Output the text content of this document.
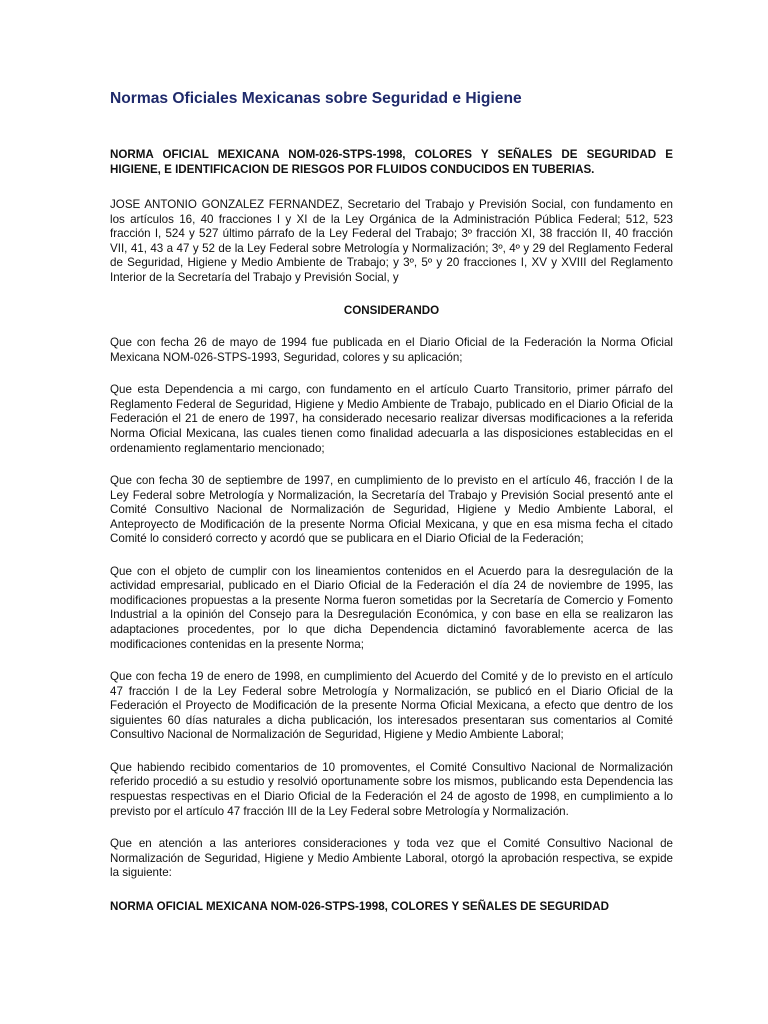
Normas Oficiales Mexicanas sobre Seguridad e Higiene

NORMA OFICIAL MEXICANA NOM-026-STPS-1998, COLORES Y SEÑALES DE SEGURIDAD E HIGIENE, E IDENTIFICACION DE RIESGOS POR FLUIDOS CONDUCIDOS EN TUBERIAS.

JOSE ANTONIO GONZALEZ FERNANDEZ, Secretario del Trabajo y Previsión Social, con fundamento en los artículos 16, 40 fracciones I y XI de la Ley Orgánica de la Administración Pública Federal; 512, 523 fracción I, 524 y 527 último párrafo de la Ley Federal del Trabajo; 3º fracción XI, 38 fracción II, 40 fracción VII, 41, 43 a 47 y 52 de la Ley Federal sobre Metrología y Normalización; 3º, 4º y 29 del Reglamento Federal de Seguridad, Higiene y Medio Ambiente de Trabajo; y 3º, 5º y 20 fracciones I, XV y XVIII del Reglamento Interior de la Secretaría del Trabajo y Previsión Social, y

CONSIDERANDO

Que con fecha 26 de mayo de 1994 fue publicada en el Diario Oficial de la Federación la Norma Oficial Mexicana NOM-026-STPS-1993, Seguridad, colores y su aplicación;

Que esta Dependencia a mi cargo, con fundamento en el artículo Cuarto Transitorio, primer párrafo del Reglamento Federal de Seguridad, Higiene y Medio Ambiente de Trabajo, publicado en el Diario Oficial de la Federación el 21 de enero de 1997, ha considerado necesario realizar diversas modificaciones a la referida Norma Oficial Mexicana, las cuales tienen como finalidad adecuarla a las disposiciones establecidas en el ordenamiento reglamentario mencionado;

Que con fecha 30 de septiembre de 1997, en cumplimiento de lo previsto en el artículo 46, fracción I de la Ley Federal sobre Metrología y Normalización, la Secretaría del Trabajo y Previsión Social presentó ante el Comité Consultivo Nacional de Normalización de Seguridad, Higiene y Medio Ambiente Laboral, el Anteproyecto de Modificación de la presente Norma Oficial Mexicana, y que en esa misma fecha el citado Comité lo consideró correcto y acordó que se publicara en el Diario Oficial de la Federación;

Que con el objeto de cumplir con los lineamientos contenidos en el Acuerdo para la desregulación de la actividad empresarial, publicado en el Diario Oficial de la Federación el día 24 de noviembre de 1995, las modificaciones propuestas a la presente Norma fueron sometidas por la Secretaría de Comercio y Fomento Industrial a la opinión del Consejo para la Desregulación Económica, y con base en ella se realizaron las adaptaciones procedentes, por lo que dicha Dependencia dictaminó favorablemente acerca de las modificaciones contenidas en la presente Norma;

Que con fecha 19 de enero de 1998, en cumplimiento del Acuerdo del Comité y de lo previsto en el artículo 47 fracción I de la Ley Federal sobre Metrología y Normalización, se publicó en el Diario Oficial de la Federación el Proyecto de Modificación de la presente Norma Oficial Mexicana, a efecto que dentro de los siguientes 60 días naturales a dicha publicación, los interesados presentaran sus comentarios al Comité Consultivo Nacional de Normalización de Seguridad, Higiene y Medio Ambiente Laboral;

Que habiendo recibido comentarios de 10 promoventes, el Comité Consultivo Nacional de Normalización referido procedió a su estudio y resolvió oportunamente sobre los mismos, publicando esta Dependencia las respuestas respectivas en el Diario Oficial de la Federación el 24 de agosto de 1998, en cumplimiento a lo previsto por el artículo 47 fracción III de la Ley Federal sobre Metrología y Normalización.

Que en atención a las anteriores consideraciones y toda vez que el Comité Consultivo Nacional de Normalización de Seguridad, Higiene y Medio Ambiente Laboral, otorgó la aprobación respectiva, se expide la siguiente:

NORMA OFICIAL MEXICANA NOM-026-STPS-1998, COLORES Y SEÑALES DE SEGURIDAD
